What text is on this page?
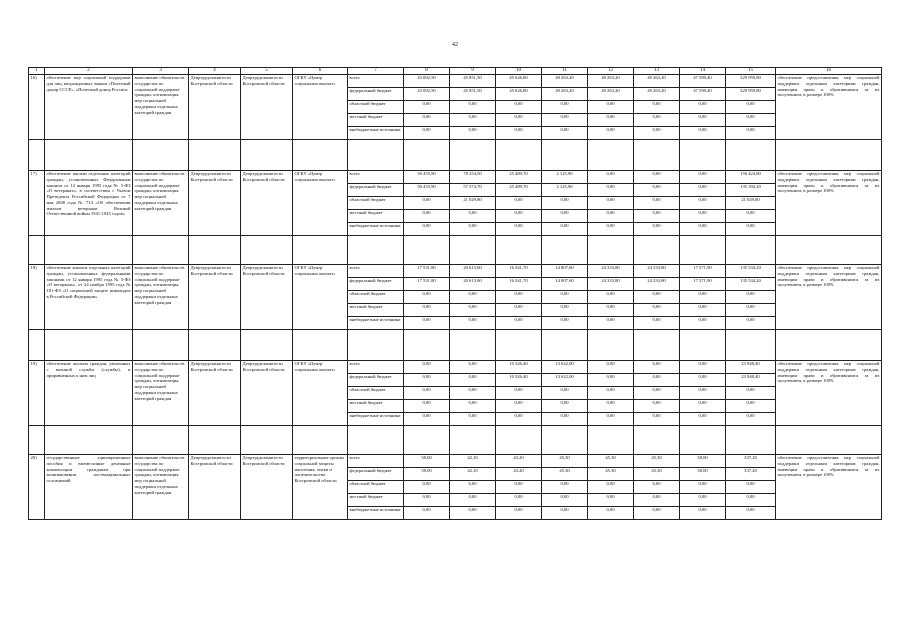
42
1	2	3	4	5	6	7	8	9	10	11	12	13	14	15	16
16)	обеспечение мер социальной поддержки для лиц, награжденных знаком «Почетный донор СССР», «Почетный донор России»	выполнение обязательств государства по социальной поддержке граждан, оптимизация мер социальной поддержки отдельных категорий граждан	Депртрудозанятости Костромской области	Депртрудозанятости Костромской области	ОГКУ «Центр социальных выплат»	всего	43 092,50	45 851,50	45 626,80	49 263,20	49 263,20	49 263,20	47 599,40	329 959,80	обеспечение предоставления мер социальной поддержки отдельным категориям граждан, имеющим право и обратившимся за их получением, в размере 100%
						федеральный бюджет	43 092,50	45 851,50	45 626,80	49 263,20	49 263,20	49 263,20	47 599,40	329 959,80	
						областной бюджет	0,00	0,00	0,00	0,00	0,00	0,00	0,00	0,00	
						местный бюджет	0,00	0,00	0,00	0,00	0,00	0,00	0,00	0,00	
						внебюджетные источники	0,00	0,00	0,00	0,00	0,00	0,00	0,00	0,00	

17)	обеспечение жилым отдельных категорий граждан, установленных Федеральным законом от 12 января 1995 года № 5-ФЗ «О ветеранах», в соответствии с Указом Президента Российской Федерации от 7 мая 2008 года № 714 «Об обеспечении жильем ветеранов Великой Отечественной войны 1941-1945 годов»	выполнение обязательств государства по социальной поддержке граждан, оптимизация мер социальной поддержки отдельных категорий граждан	Депртрудозанятости Костромской области	Депртрудозанятости Костромской области	ОГКУ «Центр социальных выплат»	всего	50 455,90	78 254,50	25 489,70	2 125,90	0,00	0,00	0,00	156 424,80	обеспечение предоставления мер социальной поддержки отдельным категориям граждан, имеющим право и обратившимся за их получением, в размере 100%
						федеральный бюджет	50 455,90	57 374,70	25 489,70	2 125,90	0,00	0,00	0,00	135 394,20	
						областной бюджет	0,00	21 029,80	0,00	0,00	0,00	0,00	0,00	21 029,80	
						местный бюджет	0,00	0,00	0,00	0,00	0,00	0,00	0,00	0,00	
						внебюджетные источники	0,00	0,00	0,00	0,00	0,00	0,00	0,00	0,00	

18)	обеспечение жильем отдельных категорий граждан, установленных федеральными законами от 12 января 1995 года № 5-ФЗ «О ветеранах», от 24 ноября 1995 года № 181-ФЗ «О социальной защите инвалидов в Российской Федерации»	выполнение обязательств государства по социальной поддержке граждан, оптимизация мер социальной поддержки отдельных категорий граждан	Депртрудозанятости Костромской области	Депртрудозанятости Костромской области	ОГКУ «Центр социальных выплат»	всего	17 531,80	20 613,60	16 341,70	14 807,60	24 333,80	24 333,80	17 571,90	135 534,20	обеспечение предоставления мер социальной поддержки отдельным категориям граждан, имеющим право и обратившимся за их получением, в размере 100%
						федеральный бюджет	17 531,80	20 613,60	16 341,70	14 807,60	24 333,80	24 333,80	17 571,90	135 534,20	
						областной бюджет	0,00	0,00	0,00	0,00	0,00	0,00	0,00	0,00	
						местный бюджет	0,00	0,00	0,00	0,00	0,00	0,00	0,00	0,00	
						внебюджетные источники	0,00	0,00	0,00	0,00	0,00	0,00	0,00	0,00	

19)	обеспечение жильем граждан, уволенных с военной службы (службы), и приравненных к ним лиц	выполнение обязательств государства по социальной поддержке граждан, оптимизация мер социальной поддержки отдельных категорий граждан	Депртрудозанятости Костромской области	Депртрудозанятости Костромской области	ОГКУ «Центр социальных выплат»	всего	0,00	0,00	10 326,40	13 622,00	0,00	0,00	0,00	23 948,40	обеспечение предоставления мер социальной поддержки отдельным категориям граждан, имеющим право и обратившимся за их получением, в размере 100%
						федеральный бюджет	0,00	0,00	10 326,40	13 622,00	0,00	0,00	0,00	23 948,40	
						областной бюджет	0,00	0,00	0,00	0,00	0,00	0,00	0,00	0,00	
						местный бюджет	0,00	0,00	0,00	0,00	0,00	0,00	0,00	0,00	
						внебюджетные источники	0,00	0,00	0,00	0,00	0,00	0,00	0,00	0,00	

20)	государственные единовременные пособия и ежемесячные денежные компенсации гражданам при возникновении поствакцинальных осложнений	выполнение обязательств государства по социальной поддержке граждан, оптимизация мер социальной поддержки отдельных категорий граждан	Депртрудозанятости Костромской области	Депртрудозанятости Костромской области	территориальные органы социальной защиты населения, опеки и попечительства Костромской области	всего	58,00	42,10	43,20	45,30	45,30	45,30	58,00	337,20	обеспечение предоставления мер социальной поддержки отдельным категориям граждан, имеющим право и обратившимся за их получением, в размере 100%
						федеральный бюджет	58,00	42,10	43,20	45,30	45,30	45,30	58,00	337,20	
						областной бюджет	0,00	0,00	0,00	0,00	0,00	0,00	0,00	0,00	
						местный бюджет	0,00	0,00	0,00	0,00	0,00	0,00	0,00	0,00	
						внебюджетные источники	0,00	0,00	0,00	0,00	0,00	0,00	0,00	0,00	
